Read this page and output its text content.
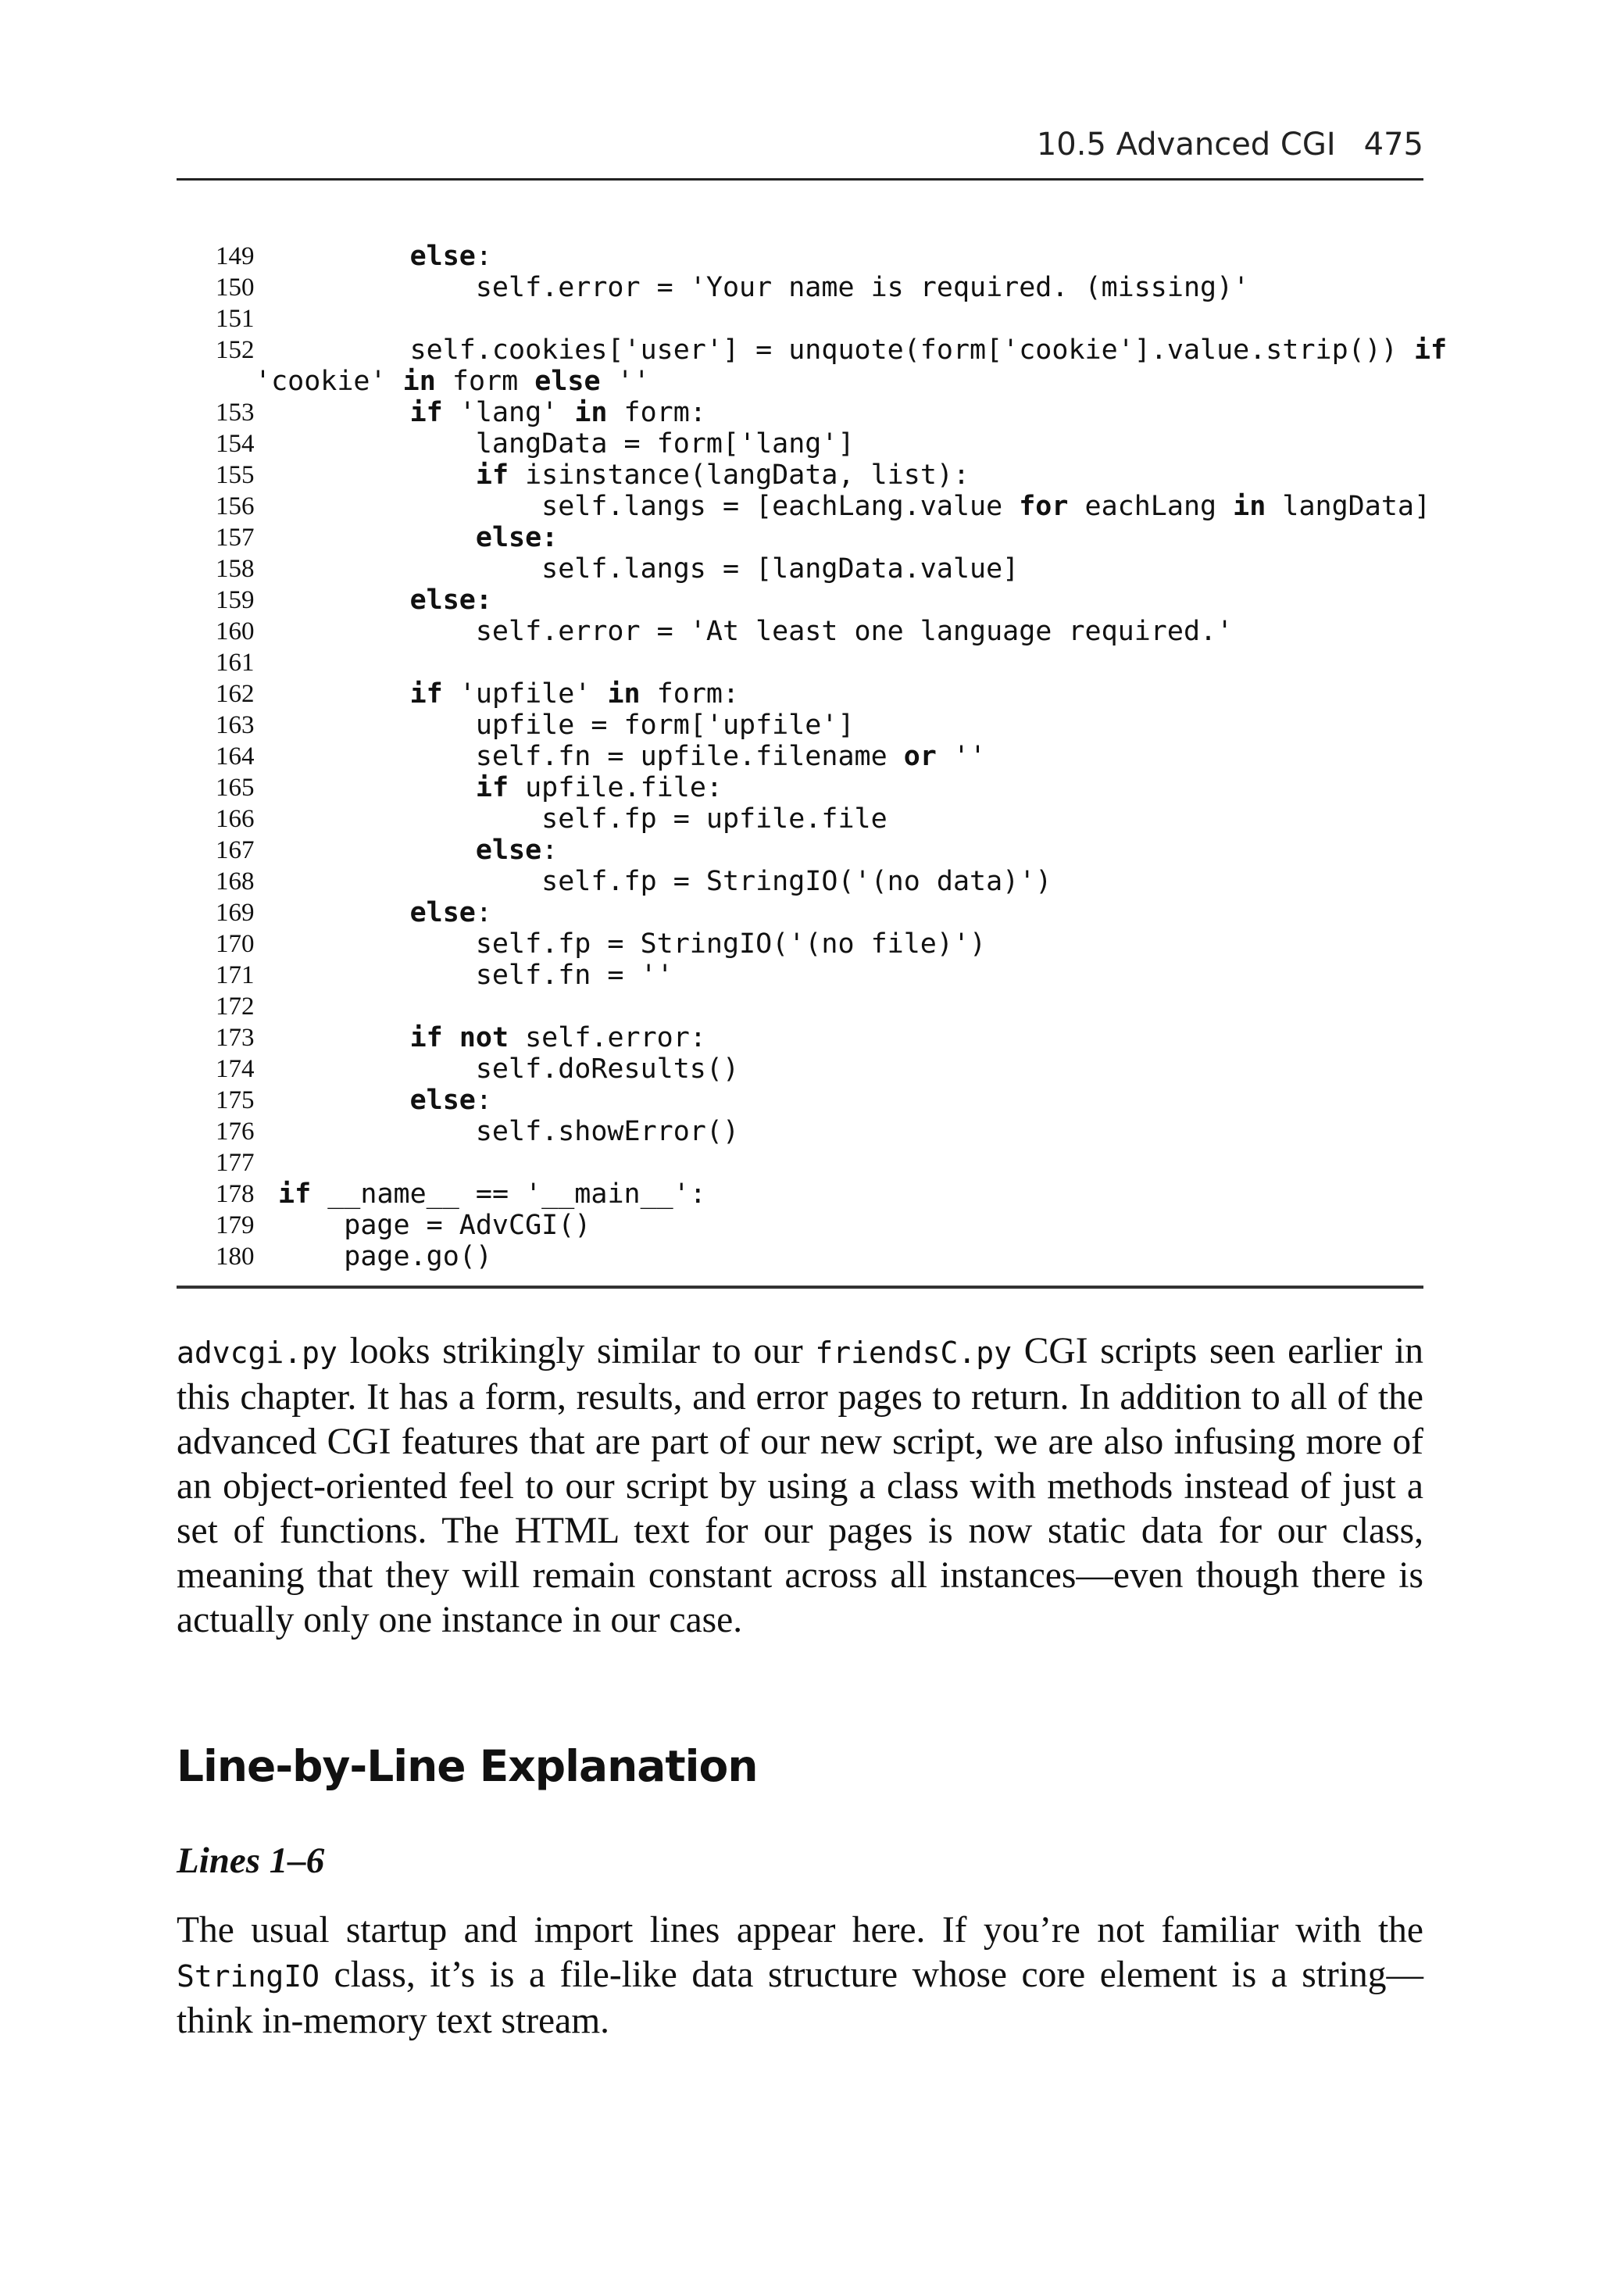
10.5 Advanced CGI 475
149	else:
150 self.error = 'Your name is required. (missing)'
151
152 self.cookies['user'] = unquote(form['cookie'].value.strip()) if
'cookie' in form else ''
153	if 'lang' in form:
154 langData = form['lang']
155	if isinstance(langData, list):
156 self.langs = [eachLang.value for eachLang in langData]
157	else:
158 self.langs = [langData.value]
159	else:
160 self.error = 'At least one language required.'
161
162	if 'upfile' in form:
163 upfile = form['upfile']
164 self.fn = upfile.filename or ''
165	if upfile.file:
166 self.fp = upfile.file
167	else:
168 self.fp = StringIO('(no data)')
169	else:
170 self.fp = StringIO('(no file)')
171 self.fn = ''
172
173	if not self.error:
174 self.doResults()
175	else:
176 self.showError()
177
178 if __name__ == '__main__':
179 page = AdvCGI()
180 page.go()
advcgi.py looks strikingly similar to our friendsC.py CGI scripts seen earlier in this chapter. It has a form, results, and error pages to return. In addition to all of the advanced CGI features that are part of our new script, we are also infusing more of an object-oriented feel to our script by using a class with methods instead of just a set of functions. The HTML text for our pages is now static data for our class, meaning that they will remain constant across all instances—even though there is actually only one instance in our case.
Line-by-Line Explanation
Lines 1–6
The usual startup and import lines appear here. If you’re not familiar with the StringIO class, it’s is a file-like data structure whose core element is a string—think in-memory text stream.
